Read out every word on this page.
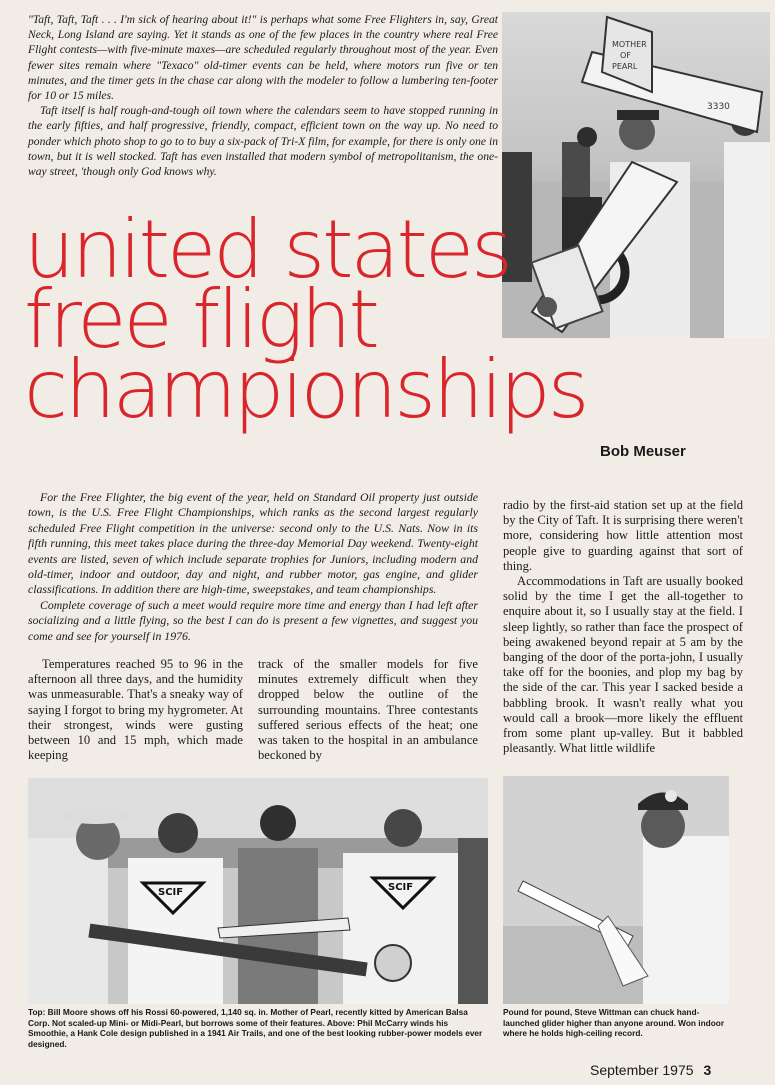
"Taft, Taft, Taft . . . I'm sick of hearing about it!" is perhaps what some Free Flighters in, say, Great Neck, Long Island are saying. Yet it stands as one of the few places in the country where real Free Flight contests—with five-minute maxes—are scheduled regularly throughout most of the year. Even fewer sites remain where "Texaco" old-timer events can be held, where motors run five or ten minutes, and the timer gets in the chase car along with the modeler to follow a lumbering ten-footer for 10 or 15 miles.

Taft itself is half rough-and-tough oil town where the calendars seem to have stopped running in the early fifties, and half progressive, friendly, compact, efficient town on the way up. No need to ponder which photo shop to go to to buy a six-pack of Tri-X film, for example, for there is only one in town, but it is well stocked. Taft has even installed that modern symbol of metropolitanism, the one-way street, 'though only God knows why.

MOTHER
OF
PEARL
3330
united states
free flight
championships
Bob Meuser

For the Free Flighter, the big event of the year, held on Standard Oil property just outside town, is the U.S. Free Flight Championships, which ranks as the second largest regularly scheduled Free Flight competition in the universe: second only to the U.S. Nats. Now in its fifth running, this meet takes place during the three-day Memorial Day weekend. Twenty-eight events are listed, seven of which include separate trophies for Juniors, including modern and old-timer, indoor and outdoor, day and night, and rubber motor, gas engine, and glider classifications. In addition there are high-time, sweepstakes, and team championships.

Complete coverage of such a meet would require more time and energy than I had left after socializing and a little flying, so the best I can do is present a few vignettes, and suggest you come and see for yourself in 1976.

Temperatures reached 95 to 96 in the afternoon all three days, and the humidity was unmeasurable. That's a sneaky way of saying I forgot to bring my hygrometer. At their strongest, winds were gusting between 10 and 15 mph, which made keeping

track of the smaller models for five minutes extremely difficult when they dropped below the outline of the surrounding mountains. Three contestants suffered serious effects of the heat; one was taken to the hospital in an ambulance beckoned by

radio by the first-aid station set up at the field by the City of Taft. It is surprising there weren't more, considering how little attention most people give to guarding against that sort of thing.

Accommodations in Taft are usually booked solid by the time I get the all-together to enquire about it, so I usually stay at the field. I sleep lightly, so rather than face the prospect of being awakened beyond repair at 5 am by the banging of the door of the porta-john, I usually take off for the boonies, and plop my bag by the side of the car. This year I sacked beside a babbling brook. It wasn't really what you would call a brook—more likely the effluent from some plant up-valley. But it babbled pleasantly. What little wildlife

SCIF	SCIF
Top: Bill Moore shows off his Rossi 60-powered, 1,140 sq. in. Mother of Pearl, recently kitted by American Balsa Corp. Not scaled-up Mini- or Midi-Pearl, but borrows some of their features. Above: Phil McCarry winds his Smoothie, a Hank Cole design published in a 1941 Air Trails, and one of the best looking rubber-power models ever designed.
Pound for pound, Steve Wittman can chuck hand-launched glider higher than anyone around. Won indoor where he holds high-ceiling record.
September 1975 3
